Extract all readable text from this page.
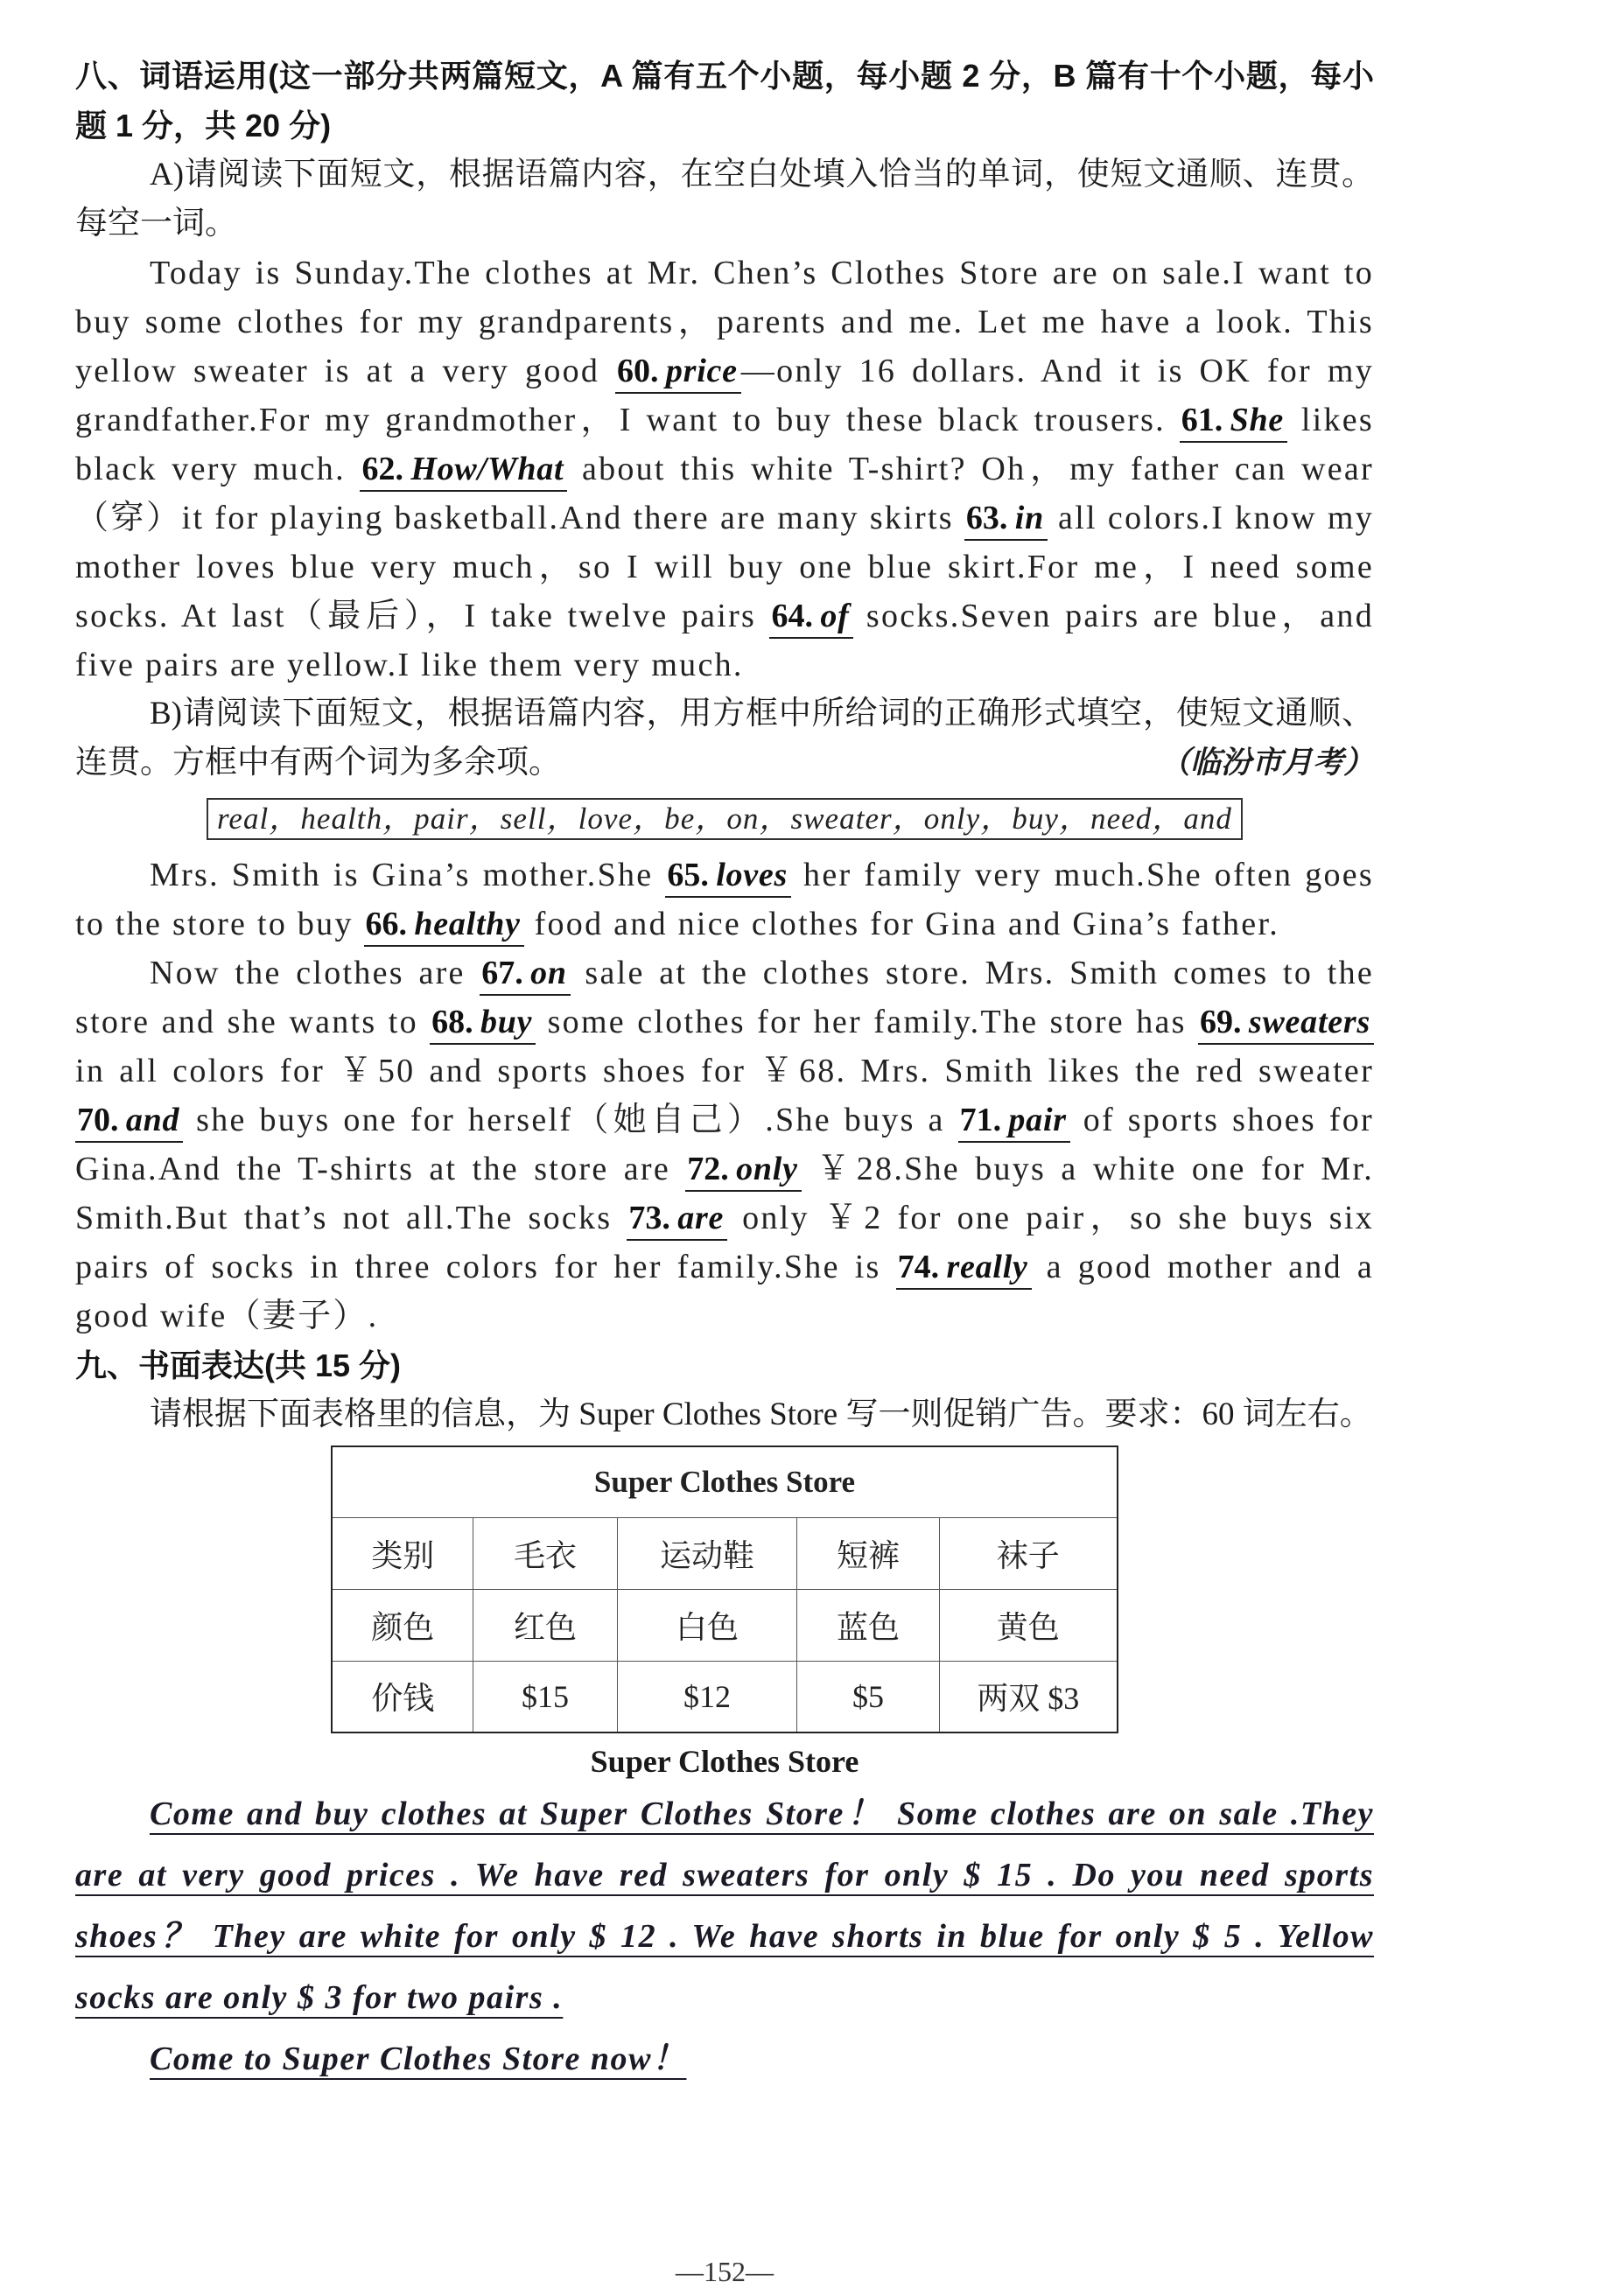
八、词语运用(这一部分共两篇短文，A 篇有五个小题，每小题 2 分，B 篇有十个小题，每小题 1 分，共 20 分)

A)请阅读下面短文，根据语篇内容，在空白处填入恰当的单词，使短文通顺、连贯。每空一词。

Today is Sunday.The clothes at Mr. Chen’s Clothes Store are on sale.I want to buy some clothes for my grandparents，parents and me. Let me have a look. This yellow sweater is at a very good 60. price —only 16 dollars. And it is OK for my grandfather.For my grandmother，I want to buy these black trousers. 61. She likes black very much. 62. How/What about this white T-shirt? Oh，my father can wear（穿）it for playing basketball.And there are many skirts 63. in all colors.I know my mother loves blue very much，so I will buy one blue skirt.For me，I need some socks. At last（最后），I take twelve pairs 64. of socks.Seven pairs are blue，and five pairs are yellow.I like them very much.

B)请阅读下面短文，根据语篇内容，用方框中所给词的正确形式填空，使短文通顺、连贯。方框中有两个词为多余项。	（临汾市月考）

real，health，pair，sell，love，be，on，sweater，only，buy，need，and

Mrs. Smith is Gina’s mother.She 65. loves her family very much.She often goes to the store to buy 66. healthy food and nice clothes for Gina and Gina’s father.

Now the clothes are 67. on sale at the clothes store. Mrs. Smith comes to the store and she wants to 68. buy some clothes for her family.The store has 69. sweaters in all colors for ￥50 and sports shoes for ￥68. Mrs. Smith likes the red sweater 70. and she buys one for herself（她自己）.She buys a 71. pair of sports shoes for Gina.And the T-shirts at the store are 72. only ￥28.She buys a white one for Mr. Smith.But that’s not all.The socks 73. are only ￥2 for one pair，so she buys six pairs of socks in three colors for her family.She is 74. really a good mother and a good wife（妻子）.

九、书面表达(共 15 分)

请根据下面表格里的信息，为 Super Clothes Store 写一则促销广告。要求：60 词左右。

Super Clothes Store				
类别	毛衣	运动鞋	短裤	袜子
颜色	红色	白色	蓝色	黄色
价钱	$15	$12	$5	两双 $3

Super Clothes Store

Come and buy clothes at Super Clothes Store！ Some clothes are on sale .They are at very good prices . We have red sweaters for only $ 15 . Do you need sports shoes？ They are white for only $ 12 . We have shorts in blue for only $ 5 . Yellow socks are only $ 3 for two pairs .

Come to Super Clothes Store now！

—152—
